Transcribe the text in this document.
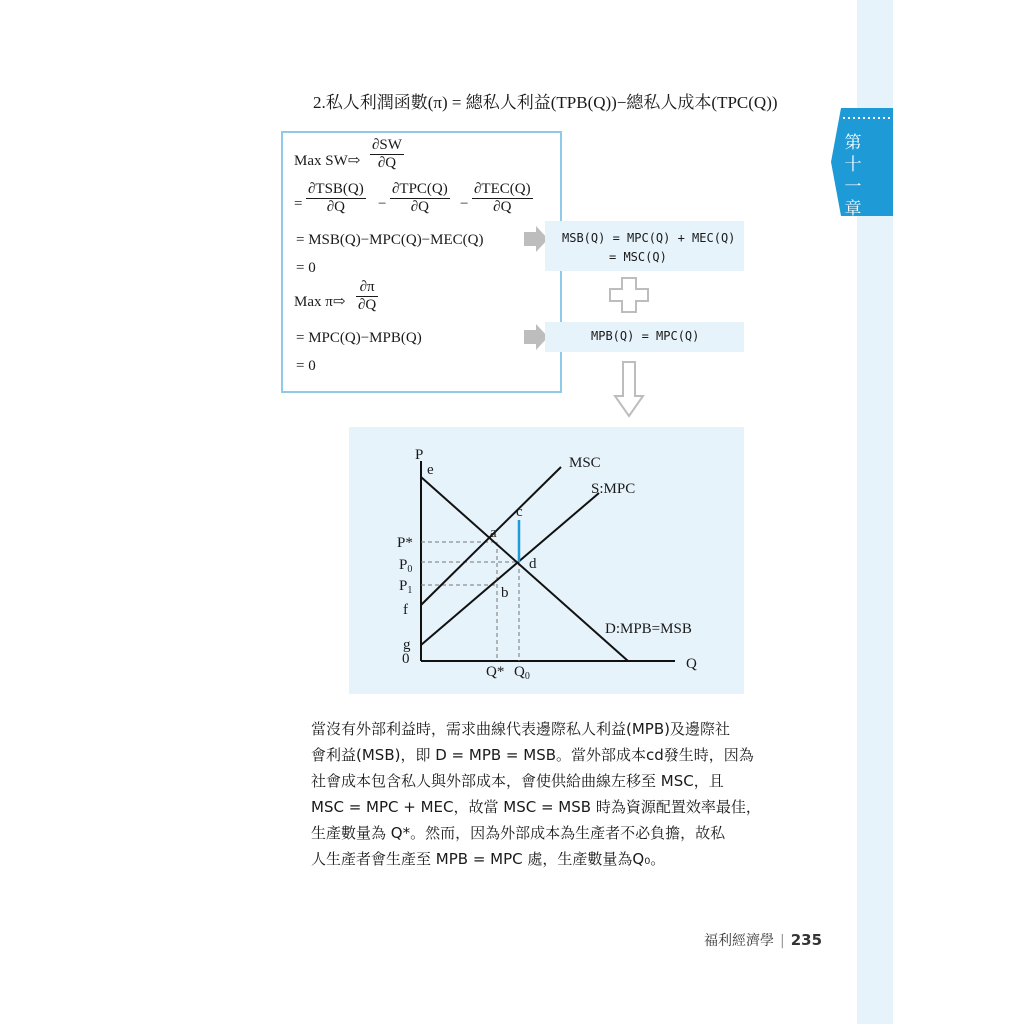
第十一章
2.私人利潤函數(π) = 總私人利益(TPB(Q))−總私人成本(TPC(Q))
Max SW⇨ $\frac{\partial SW}{\partial Q}$
=
∂TSB(Q)
∂Q	−
∂TPC(Q)
∂Q	−
∂TEC(Q)
∂Q
= MSB(Q)−MPC(Q)−MEC(Q)
= 0
Max π⇨ $\frac{\partial\pi}{\partial Q}$
= MPC(Q)−MPB(Q)
= 0
MSB(Q) = MPC(Q) + MEC(Q)
= MSC(Q)
MPB(Q) = MPC(Q)
P
e
Q
MSC
S:MPC
D:MPB=MSB
a
b
c
d
f
g
0
P*
$P_0$
$P_1$
Q* $Q_0$
當沒有外部利益時，需求曲線代表邊際私人利益(MPB)及邊際社
會利益(MSB)，即 D = MPB = MSB。當外部成本cd發生時，因為
社會成本包含私人與外部成本，會使供給曲線左移至 MSC，且
MSC = MPC + MEC，故當 MSC = MSB 時為資源配置效率最佳，
生產數量為 Q*。然而，因為外部成本為生產者不必負擔，故私
人生產者會生產至 MPB = MPC 處，生產數量為Q₀。
福利經濟學 | 235
